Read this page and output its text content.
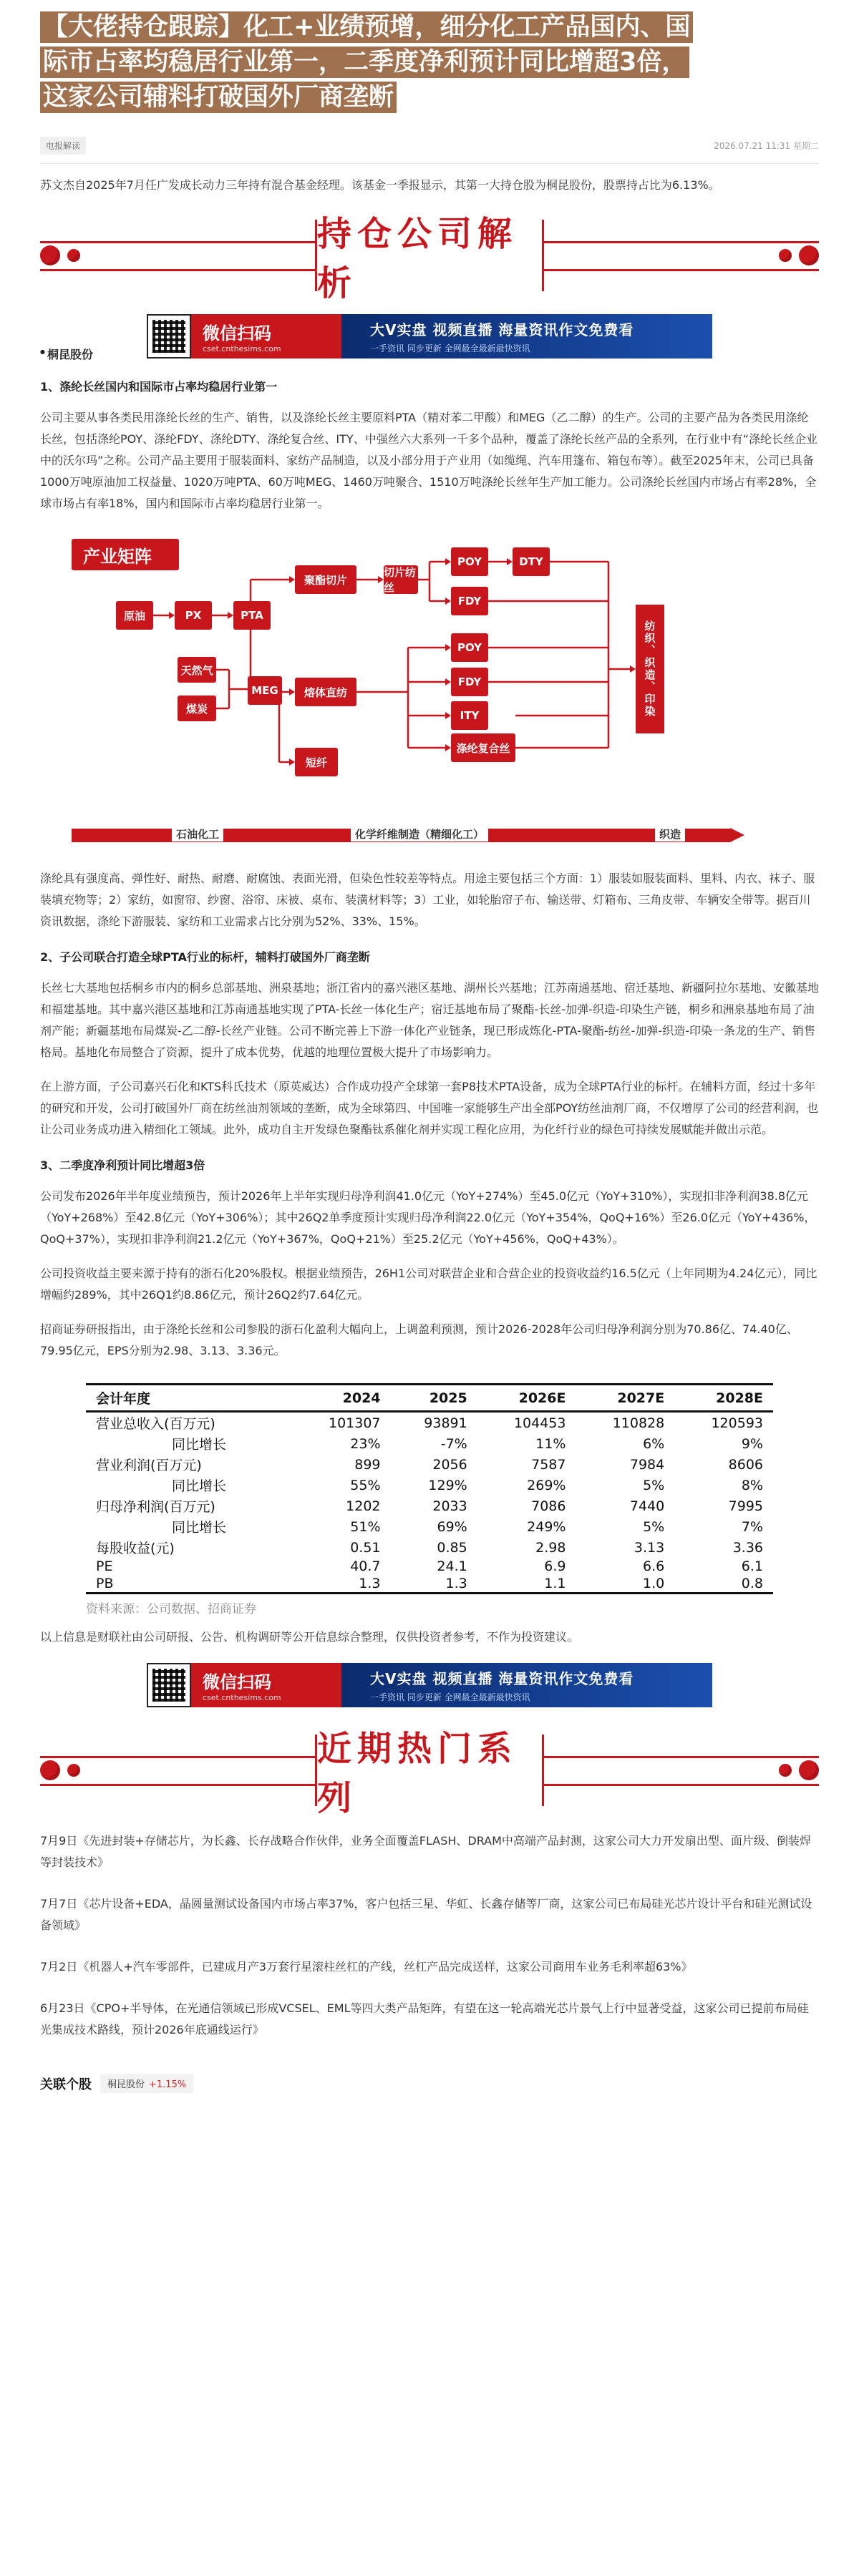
【大佬持仓跟踪】化工+业绩预增，细分化工产品国内、国
际市占率均稳居行业第一，二季度净利预计同比增超3倍，
这家公司辅料打破国外厂商垄断
电报解读	2026.07.21 11:31 星期二

苏文杰自2025年7月任广发成长动力三年持有混合基金经理。该基金一季报显示，其第一大持仓股为桐昆股份，股票持占比为6.13%。

持仓公司解析
微信扫码
cset.cnthesims.com
大V实盘 视频直播 海量资讯作文免费看
一手资讯 同步更新 全网最全最新最快资讯
● 桐昆股份
1、涤纶长丝国内和国际市占率均稳居行业第一

公司主要从事各类民用涤纶长丝的生产、销售，以及涤纶长丝主要原料PTA（精对苯二甲酸）和MEG（乙二醇）的生产。公司的主要产品为各类民用涤纶长丝，包括涤纶POY、涤纶FDY、涤纶DTY、涤纶复合丝、ITY、中强丝六大系列一千多个品种，覆盖了涤纶长丝产品的全系列，在行业中有“涤纶长丝企业中的沃尔玛”之称。公司产品主要用于服装面料、家纺产品制造，以及小部分用于产业用（如缆绳、汽车用篷布、箱包布等）。截至2025年末，公司已具备1000万吨原油加工权益量、1020万吨PTA、60万吨MEG、1460万吨聚合、1510万吨涤纶长丝年生产加工能力。公司涤纶长丝国内市场占有率28%，全球市场占有率18%，国内和国际市占率均稳居行业第一。

产业矩阵
原油	PX	PTA
天然气
煤炭
MEG
聚酯切片
熔体直纺
短纤
切片纺丝
POY	DTY
FDY
POY
FDY
ITY
涤纶复合丝
纺织、织造、印染
石油化工	化学纤维制造（精细化工）	织造

涤纶具有强度高、弹性好、耐热、耐磨、耐腐蚀、表面光滑，但染色性较差等特点。用途主要包括三个方面：1）服装如服装面料、里料、内衣、袜子、服装填充物等；2）家纺，如窗帘、纱窗、浴帘、床被、桌布、装潢材料等；3）工业，如轮胎帘子布、输送带、灯箱布、三角皮带、车辆安全带等。据百川资讯数据，涤纶下游服装、家纺和工业需求占比分别为52%、33%、15%。

2、子公司联合打造全球PTA行业的标杆，辅料打破国外厂商垄断

长丝七大基地包括桐乡市内的桐乡总部基地、洲泉基地；浙江省内的嘉兴港区基地、湖州长兴基地；江苏南通基地、宿迁基地、新疆阿拉尔基地、安徽基地和福建基地。其中嘉兴港区基地和江苏南通基地实现了PTA-长丝一体化生产；宿迁基地布局了聚酯-长丝-加弹-织造-印染生产链，桐乡和洲泉基地布局了油剂产能；新疆基地布局煤炭-乙二醇-长丝产业链。公司不断完善上下游一体化产业链条，现已形成炼化-PTA-聚酯-纺丝-加弹-织造-印染一条龙的生产、销售格局。基地化布局整合了资源，提升了成本优势，优越的地理位置极大提升了市场影响力。

在上游方面，子公司嘉兴石化和KTS科氏技术（原英威达）合作成功投产全球第一套P8技术PTA设备，成为全球PTA行业的标杆。在辅料方面，经过十多年的研究和开发，公司打破国外厂商在纺丝油剂领域的垄断，成为全球第四、中国唯一家能够生产出全部POY纺丝油剂厂商，不仅增厚了公司的经营利润，也让公司业务成功进入精细化工领域。此外，成功自主开发绿色聚酯钛系催化剂并实现工程化应用，为化纤行业的绿色可持续发展赋能并做出示范。

3、二季度净利预计同比增超3倍

公司发布2026年半年度业绩预告，预计2026年上半年实现归母净利润41.0亿元（YoY+274%）至45.0亿元（YoY+310%），实现扣非净利润38.8亿元（YoY+268%）至42.8亿元（YoY+306%）；其中26Q2单季度预计实现归母净利润22.0亿元（YoY+354%，QoQ+16%）至26.0亿元（YoY+436%，QoQ+37%），实现扣非净利润21.2亿元（YoY+367%，QoQ+21%）至25.2亿元（YoY+456%，QoQ+43%）。

公司投资收益主要来源于持有的浙石化20%股权。根据业绩预告，26H1公司对联营企业和合营企业的投资收益约16.5亿元（上年同期为4.24亿元），同比增幅约289%，其中26Q1约8.86亿元，预计26Q2约7.64亿元。

招商证券研报指出，由于涤纶长丝和公司参股的浙石化盈利大幅向上，上调盈利预测，预计2026-2028年公司归母净利润分别为70.86亿、74.40亿、79.95亿元，EPS分别为2.98、3.13、3.36元。

会计年度	2024	2025	2026E	2027E	2028E
营业总收入(百万元)	101307	93891	104453	110828	120593
同比增长	23%	-7%	11%	6%	9%
营业利润(百万元)	899	2056	7587	7984	8606
同比增长	55%	129%	269%	5%	8%
归母净利润(百万元)	1202	2033	7086	7440	7995
同比增长	51%	69%	249%	5%	7%
每股收益(元)	0.51	0.85	2.98	3.13	3.36
PE	40.7	24.1	6.9	6.6	6.1
PB	1.3	1.3	1.1	1.0	0.8
资料来源：公司数据、招商证券

以上信息是财联社由公司研报、公告、机构调研等公开信息综合整理，仅供投资者参考，不作为投资建议。

微信扫码
cset.cnthesims.com
大V实盘 视频直播 海量资讯作文免费看
一手资讯 同步更新 全网最全最新最快资讯
近期热门系列

7月9日《先进封装+存储芯片，为长鑫、长存战略合作伙伴，业务全面覆盖FLASH、DRAM中高端产品封测，这家公司大力开发扇出型、面片级、倒装焊等封装技术》

7月7日《芯片设备+EDA，晶圆量测试设备国内市场占率37%，客户包括三星、华虹、长鑫存储等厂商，这家公司已布局硅光芯片设计平台和硅光测试设备领域》

7月2日《机器人+汽车零部件，已建成月产3万套行星滚柱丝杠的产线，丝杠产品完成送样，这家公司商用车业务毛利率超63%》

6月23日《CPO+半导体，在光通信领域已形成VCSEL、EML等四大类产品矩阵，有望在这一轮高端光芯片景气上行中显著受益，这家公司已提前布局硅光集成技术路线，预计2026年底通线运行》

关联个股	桐昆股份 +1.15%
